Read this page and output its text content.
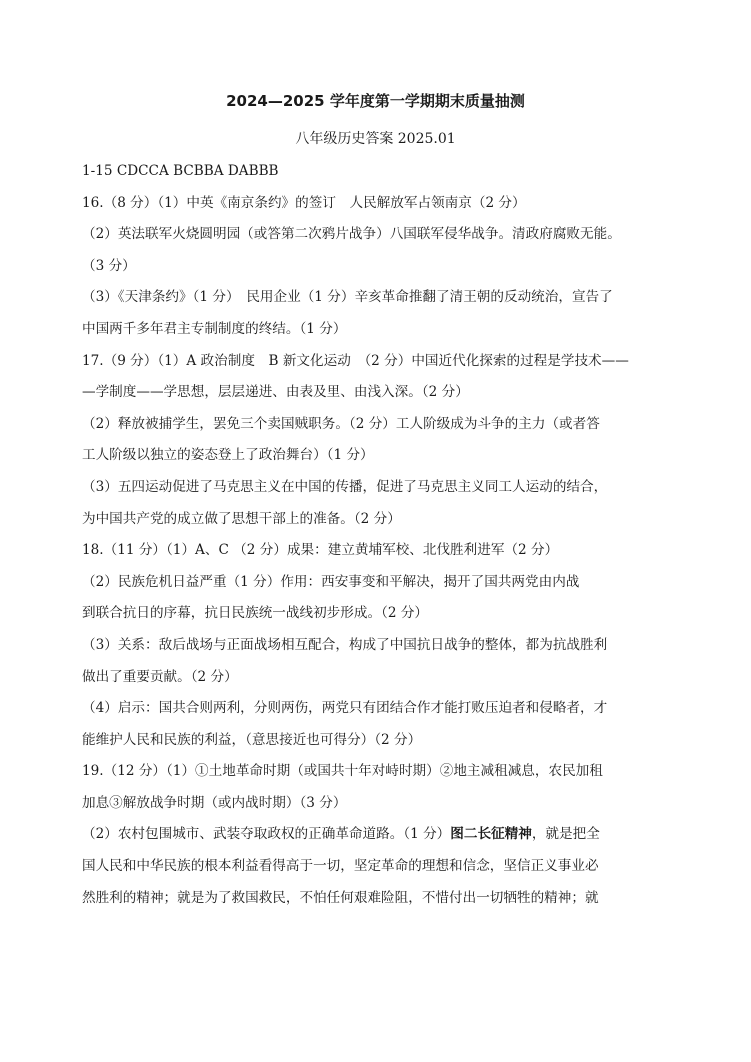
2024—2025 学年度第一学期期末质量抽测
八年级历史答案 2025.01
1-15 CDCCA BCBBA DABBB
16.（8 分）（1）中英《南京条约》的签订　人民解放军占领南京（2 分）
（2）英法联军火烧圆明园（或答第二次鸦片战争）八国联军侵华战争。清政府腐败无能。
（3 分）
（3）《天津条约》（1 分）　民用企业（1 分）辛亥革命推翻了清王朝的反动统治，宣告了
中国两千多年君主专制制度的终结。（1 分）
17.（9 分）（1）A 政治制度　B 新文化运动　（2 分）中国近代化探索的过程是学技术——
—学制度——学思想，层层递进、由表及里、由浅入深。（2 分）
（2）释放被捕学生，罢免三个卖国贼职务。（2 分）工人阶级成为斗争的主力（或者答
工人阶级以独立的姿态登上了政治舞台）（1 分）
（3）五四运动促进了马克思主义在中国的传播，促进了马克思主义同工人运动的结合，
为中国共产党的成立做了思想干部上的准备。（2 分）
18.（11 分）（1）A、C （2 分）成果：建立黄埔军校、北伐胜利进军（2 分）
（2）民族危机日益严重（1 分）作用：西安事变和平解决，揭开了国共两党由内战
到联合抗日的序幕，抗日民族统一战线初步形成。（2 分）
（3）关系：敌后战场与正面战场相互配合，构成了中国抗日战争的整体，都为抗战胜利
做出了重要贡献。（2 分）
（4）启示：国共合则两利，分则两伤，两党只有团结合作才能打败压迫者和侵略者，才
能维护人民和民族的利益，（意思接近也可得分）（2 分）
19.（12 分）（1）①土地革命时期（或国共十年对峙时期）②地主减租减息，农民加租
加息③解放战争时期（或内战时期）（3 分）
（2）农村包围城市、武装夺取政权的正确革命道路。（1 分）图二长征精神，就是把全
国人民和中华民族的根本利益看得高于一切，坚定革命的理想和信念，坚信正义事业必
然胜利的精神；就是为了救国救民，不怕任何艰难险阻，不惜付出一切牺牲的精神；就
